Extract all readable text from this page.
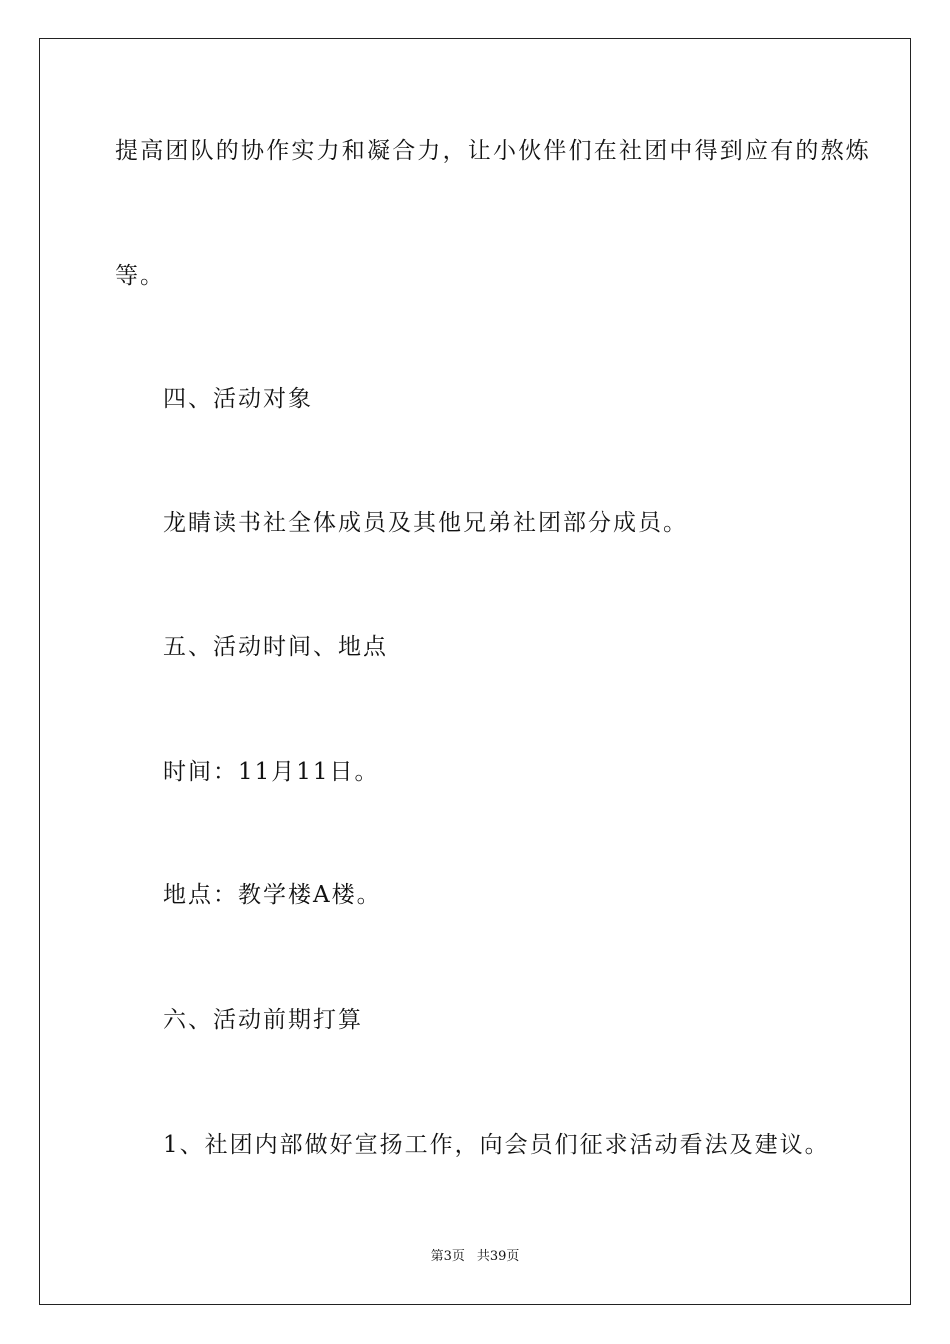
提高团队的协作实力和凝合力，让小伙伴们在社团中得到应有的熬炼
等。
四、活动对象
龙睛读书社全体成员及其他兄弟社团部分成员。
五、活动时间、地点
时间：11月11日。
地点：教学楼A楼。
六、活动前期打算
1、社团内部做好宣扬工作，向会员们征求活动看法及建议。
第3页 共39页
